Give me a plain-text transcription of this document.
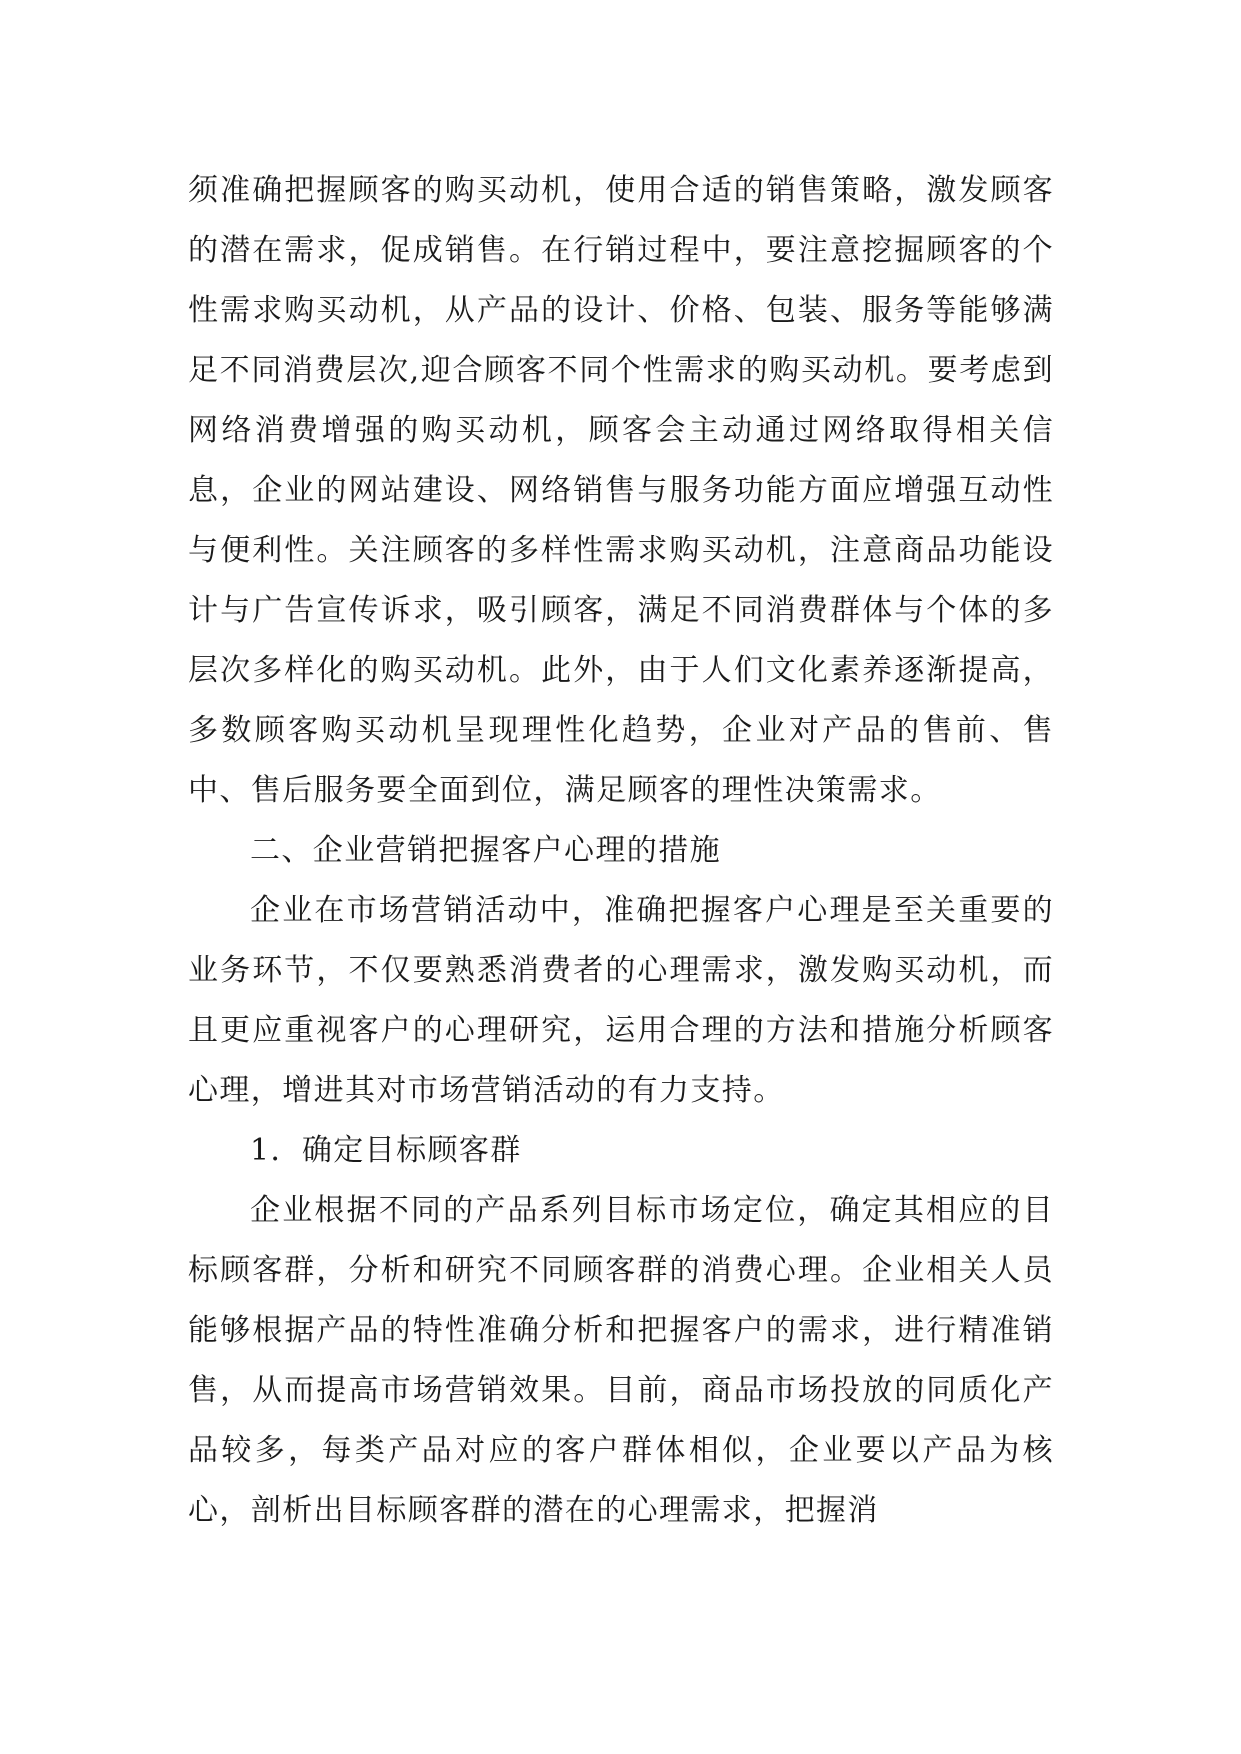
须准确把握顾客的购买动机，使用合适的销售策略，激发顾客的潜在需求，促成销售。在行销过程中，要注意挖掘顾客的个性需求购买动机，从产品的设计、价格、包装、服务等能够满足不同消费层次,迎合顾客不同个性需求的购买动机。要考虑到网络消费增强的购买动机，顾客会主动通过网络取得相关信息，企业的网站建设、网络销售与服务功能方面应增强互动性与便利性。关注顾客的多样性需求购买动机，注意商品功能设计与广告宣传诉求，吸引顾客，满足不同消费群体与个体的多层次多样化的购买动机。此外，由于人们文化素养逐渐提高，多数顾客购买动机呈现理性化趋势，企业对产品的售前、售中、售后服务要全面到位，满足顾客的理性决策需求。

二、企业营销把握客户心理的措施

企业在市场营销活动中，准确把握客户心理是至关重要的业务环节，不仅要熟悉消费者的心理需求，激发购买动机，而且更应重视客户的心理研究，运用合理的方法和措施分析顾客心理，增进其对市场营销活动的有力支持。

1．确定目标顾客群

企业根据不同的产品系列目标市场定位，确定其相应的目标顾客群，分析和研究不同顾客群的消费心理。企业相关人员能够根据产品的特性准确分析和把握客户的需求，进行精准销售，从而提高市场营销效果。目前，商品市场投放的同质化产品较多，每类产品对应的客户群体相似，企业要以产品为核心，剖析出目标顾客群的潜在的心理需求，把握消
